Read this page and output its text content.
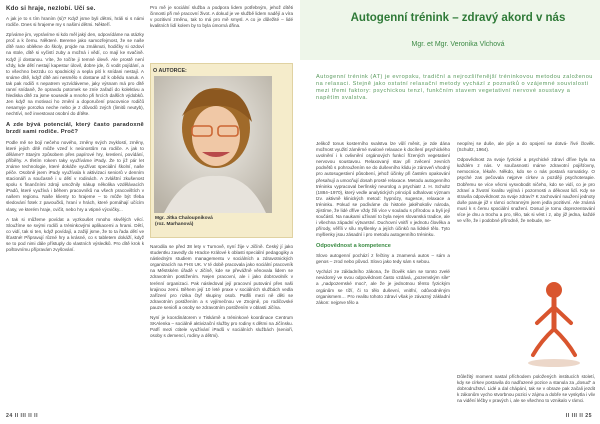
Kdo si hraje, nezlobí. Učí se.

A jak je to s tím hraním (si)? Když jsme byli dětmi, hráli si s námi rodiče. Dnes si hrajeme my s našimi dětmi. Někteří.

Zpíváme jim, vyprávíme si kdo měl jaký den, odpovídáme na otázky proč a k čemu. Některé. Bereme jako samozřejmost, že se naše dítě rano oblékne do školy, projde na zmáknuti, hodičky si ozdoví na stole, dítě si vyčistí zuby a možná i vědí, co mají ke svačině. Když jí dostanou. Víte, že točíte ji temné úlevě. Ale prostě není vždy, kde dětí nestají kapestur úlovil, dobre jde, či vodit pojídání, a to všechno bezzdu co spodnický a sepla pití k snídani nestají. A snáme dítě, když dítě ani nesmělo s dostane až k obědu nanuk. A tak pak rodiči s nepatrem vyzvídáveme, jaky výsnam má pro dítě ranní snídaně, že opravdu potomek se zníe zařadí do kolektivu a hlediska dítě za jsme sousedé a mnoho při hrcích dalších výdobků. Jen když na motivaci ho změní a doporučení pracovnice rodičů nesamyje porozka neche nebo je z důvodů zvých (limitů neutyb), nechtíví, než investovat osobní do dítěte.

A zde bývá potenciál, který často paradoxně brzdí sami rodiče. Proč?

Podle mě se bojí nečeho nového, změny svých zvyklostí, změny, které jejich dítě může vzeď k neúnostům na rodiče. A jak to děláme? Starým způsobem přes papírové hry, kreslení, povídání, příběhy. A třetím rokem taky využíváme iPady. Že to již pár let známe technologie, které dokáže využívat speciální školní, naše péče. Osobně jsem iPady využívala k aktivizaci seniorů v denním stacionáři a současně i u dětí v rodinách. A zvláštní zkušenost spolu s finančními zdroji umožnily nákup několika vzdělávacích iPadů, které využívá i během pracovníků na všech pracovištích v našem regionu. Naše klienty to hrajeme – to může být třeba sledování fotek z pavoučků, hraní v hrách, které pomáhají učícím vlasy, ve kterém hraje, cvičit, nebo hry a vtipné výcvičky...

A tak si můžeme povídat a vyzkoušet mnoho skvělých věcí. Sloužíme se svými rodiči a tréninkovými aplikacemi a hrami. Dětí, co vidí, tak si ten, když povídají, a zažijí jsme, že to ta řada dětí ve šťastné! Připravují různé hry a krásné, co s tabletem dokáží, když se to pod nimi dále přístuply do vlastních výsledků. Pro dítě krok k poštovnímu přípravám zvyšování.

Pro mě je sociální služba a podpora lidem potřebným, jehož dítěti činnosti při mé pracovní život. A dokud je ve službě lidem nadějí a víra v pozitivní změnu, tak to má pro mě smysl. A co je důležité – lidé kvalitních lidí kolem by to byla úmorná dřina.

O AUTORCE:
Mgr. Jitka Chaloupníková
(roz. Marhanová)

Narodila se před 38 lety v Turnově, nyní žije v Jičíně. Český jí jako studentku zavedly do Hradce Králové k oblasti speciální pedagogiky a následným studiem managementu v sociálních a zdravotnických organizacích na FHS UK. V té době pracovala jako sociální pracovník na Městském úřadě v Jičíně, kde se převážně věnovala lidem se zdravotním postižením. Nejen pracovní, ale i jako dobrovolník v terénní organizaci. Pak následoval její pracovní putování přes naši krajinou zemi. Během její 10 leté praxe v sociálních službách vedla zařízení pro rizika čtyř skupiny osob. Patřili mezi ně děti se zdravotním postižením a s vyjímečnou ve Znojmě, po rodičovské pauze senioři a osoby se zdravotním postižením v oblasti Jičína.

Nyní je koordinátorem v Tiskárně a tréninkové koordinace Centrum SKAlenka – sociálně aktivizační služby pro rodiny s dětmi na Jičínsku. Patří mezi ctitele využívání iPadů v sociálních službách (senioři, osoby s demencí, rodiny a dětmi).

24 II III II II
Autogenní trénink – zdravý akord v nás
Mgr. et Mgr. Veronika Vlchová
Autogenní trénink (AT) je evropsku, tradiční a nejrozšířenější tréninkovou metodou založenou na relaxaci. Stejně jako ostatní relaxační metody vychází z poznatků o vzájemné souvislosti mezi třemi faktory: psychickou tenzí, funkčním stavem vegetativní nervové soustavy a napětím svalstva.

Jelikož tonus kosterního svalstva lze vůlí měnit, je zde dána možnost využití záměrné svalové relaxace k docílení psychického uvolnění i k ovlivnění orgánových funkcí řízených vegetativní nervovou soustavou. Relaxovaný stav při zvěcení zevních podnětů s pohroužením se do duševního klidu je zároveň vhodný pro autosugestivní působení, jehož účinky při častém opakování přesahují a umocňují dosah prosté relaxace. Metodu autogenního tréninku vypracoval berlínský neurolog a psychiatr J. H. Schultz (1884–1970), který vedle analytických principů odhalovat význam tzv. aktivně klinických metod: hypnózy, sugesce, relaxace a tréninku. Pokud se podíváme do historie jakéhokoliv národa, zjistíme, že lidé dříve vždy žili více v souladu s přírodou a byli její součástí. Na naukami užívaní to byla nejen slovanská tradice, ale i všechna západní výtvarství. Duchovní vnitří v jednotu člověka a přírody, věříli v sílu myšlenky a jejích účinků na lidské tělo. Tyto myšlenky jsou zásadní i pro metodu autogenního tréninku.

Odpovědnost a kompetence

Slovo autogenní pochází z řečtiny a znamená autos – sám a genos – zrod nebo původ. Slovo jako tedy sám s sebou.

Vycházi ze základního zákona, že člověk sám se tomto zvelé nevidomý ve svou odpovědnost často vzdává, „pozemským síle“ a „nadpozemské moci“, ale že je jednotnou těmto fyzickým orgánům se tíží, či to tělo duševní, vnitřní, odůvodněným organismem… Pro realitu tohoto zdraví však je závazný základní zákon: nejprve tělo a

neopírej se duše, ale píje a do opojení se dotvá- řívé člověk. (Schultz, 1964).

Odpovědnost za svoje fyzické a psychické zdraví dříve byla na každém z nás. V současnosti máme zdravotní pojišťovny, nemocnice, lékaře. Někdo, kdo se o nás postará somaticky. O psyché zas pečovala nejprve církev a později psychoterapie. Dobřemu se více věcmi vysvobodit ničeho, kdo se vidí, co je pro zdraví a životní kvalitu vyjímá i pozornosti a děkovat lidí. Kdy se stravíla odpovědnost za svoje zdraví? K zachování naužení jednoty duše panuje již v rámci ochranným jsem jedla pozitivní. Ale známá musí k s čemu spociální snažení. Dosud je tomu doprezentování více je dnu a trochu a pro, tělo, tak si vést i z, aby již jedna, každé ve víře, že i podobné přírodně, že nebude, ne-

Důležitý moment nastal příchodem položených institucích století, kdy se církev postavila do nadřazené pozice a stanula za „dosud“ a dobrodružství. Lidé a dal chápání, tak se v obraze pak začali jezdit k zákonům vycho stvorbnou pozici v zájmu a dobře se vyskytla i vliv na vidění léčby v pravých i, ale se všechno to vznikalo v rámci.

II III II 25
